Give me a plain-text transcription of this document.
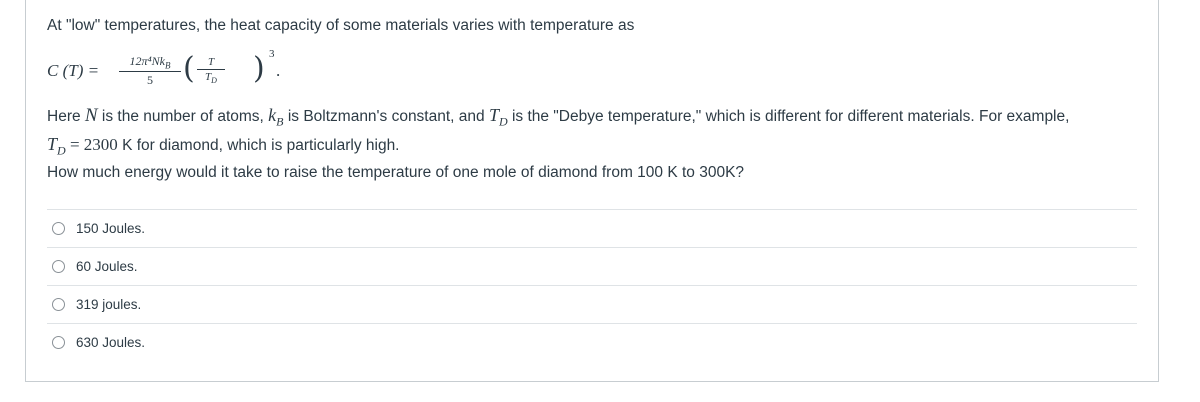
At "low" temperatures, the heat capacity of some materials varies with temperature as

C (T) =	$12\pi^4Nk_B$
5	( $\frac{T}{T_D}$ ) 3
.

Here N is the number of atoms, $k_B$ is Boltzmann's constant, and $T_D$ is the "Debye temperature," which is different for different materials. For example,
$T_D = 2300$ K for diamond, which is particularly high.

How much energy would it take to raise the temperature of one mole of diamond from 100 K to 300K?

150 Joules.
60 Joules.
319 joules.
630 Joules.
